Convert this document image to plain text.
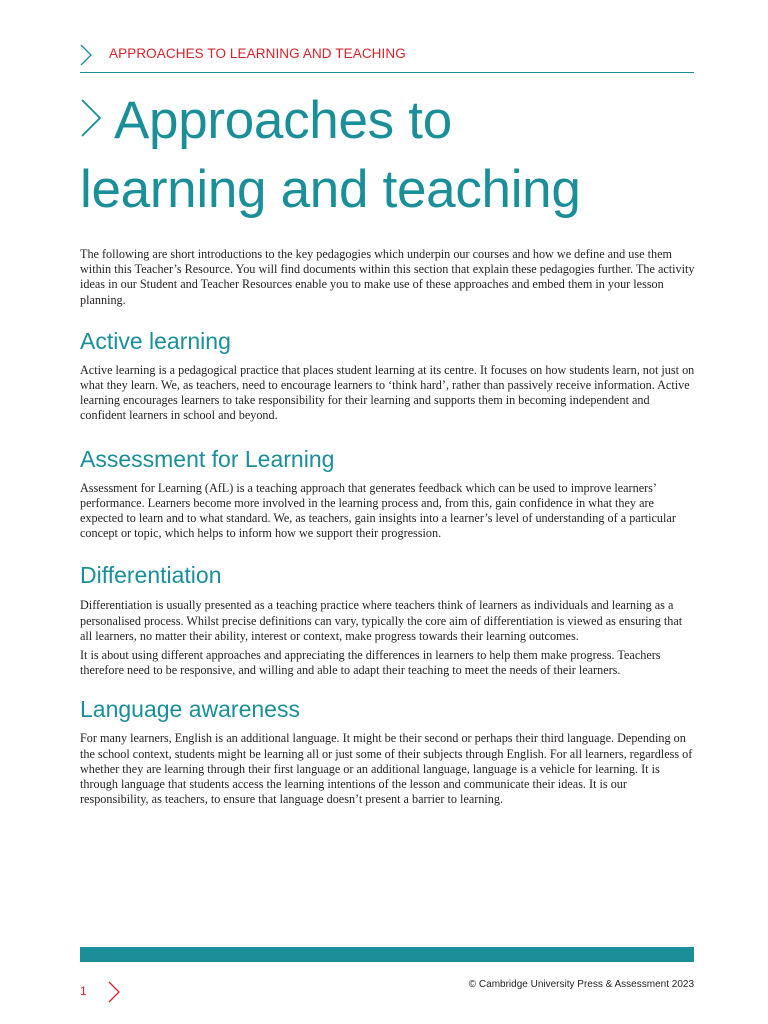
APPROACHES TO LEARNING AND TEACHING
Approaches to
learning and teaching

The following are short introductions to the key pedagogies which underpin our courses and how we define and use them within this Teacher’s Resource. You will find documents within this section that explain these pedagogies further. The activity ideas in our Student and Teacher Resources enable you to make use of these approaches and embed them in your lesson planning.

Active learning

Active learning is a pedagogical practice that places student learning at its centre. It focuses on how students learn, not just on what they learn. We, as teachers, need to encourage learners to ‘think hard’, rather than passively receive information. Active learning encourages learners to take responsibility for their learning and supports them in becoming independent and confident learners in school and beyond.

Assessment for Learning

Assessment for Learning (AfL) is a teaching approach that generates feedback which can be used to improve learners’ performance. Learners become more involved in the learning process and, from this, gain confidence in what they are expected to learn and to what standard. We, as teachers, gain insights into a learner’s level of understanding of a particular concept or topic, which helps to inform how we support their progression.

Differentiation

Differentiation is usually presented as a teaching practice where teachers think of learners as individuals and learning as a personalised process. Whilst precise definitions can vary, typically the core aim of differentiation is viewed as ensuring that all learners, no matter their ability, interest or context, make progress towards their learning outcomes.

It is about using different approaches and appreciating the differences in learners to help them make progress. Teachers therefore need to be responsive, and willing and able to adapt their teaching to meet the needs of their learners.

Language awareness

For many learners, English is an additional language. It might be their second or perhaps their third language. Depending on the school context, students might be learning all or just some of their subjects through English. For all learners, regardless of whether they are learning through their first language or an additional language, language is a vehicle for learning. It is through language that students access the learning intentions of the lesson and communicate their ideas. It is our responsibility, as teachers, to ensure that language doesn’t present a barrier to learning.

1	© Cambridge University Press & Assessment 2023
